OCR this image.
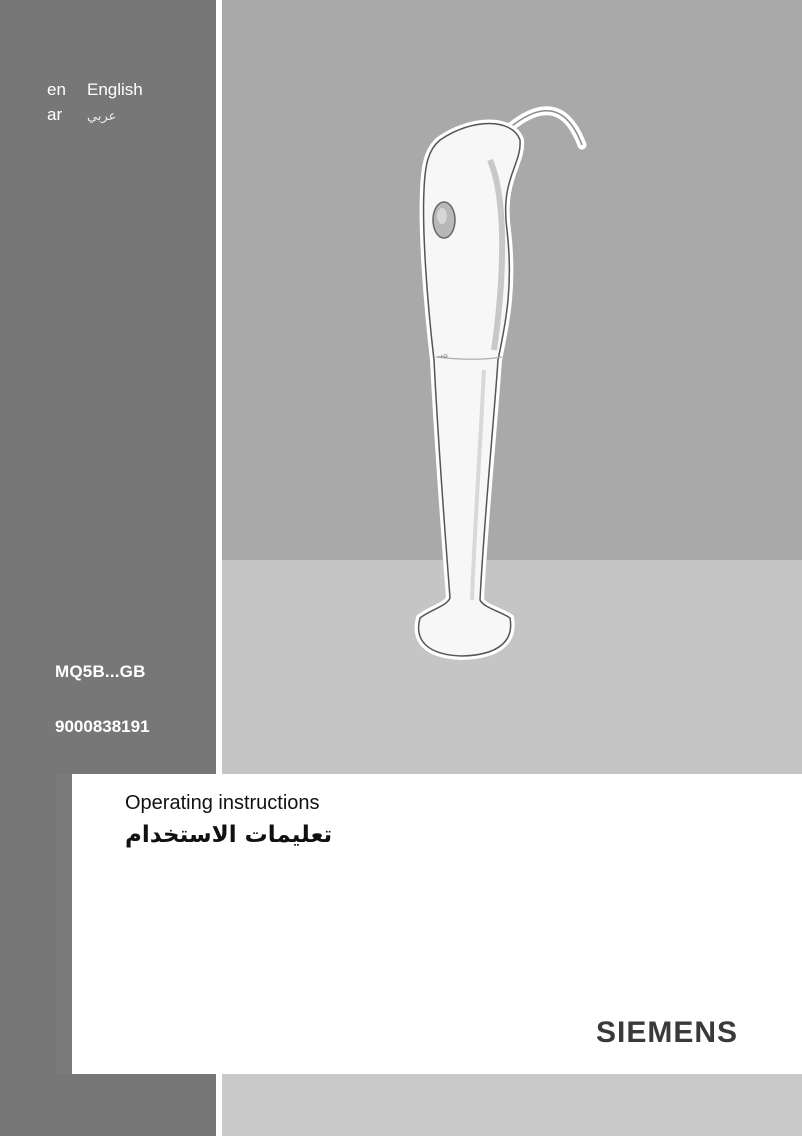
en English
ar عربي
MQ5B...GB
9000838191
⇢⊖
Operating instructions
تعليمات الاستخدام
SIEMENS
